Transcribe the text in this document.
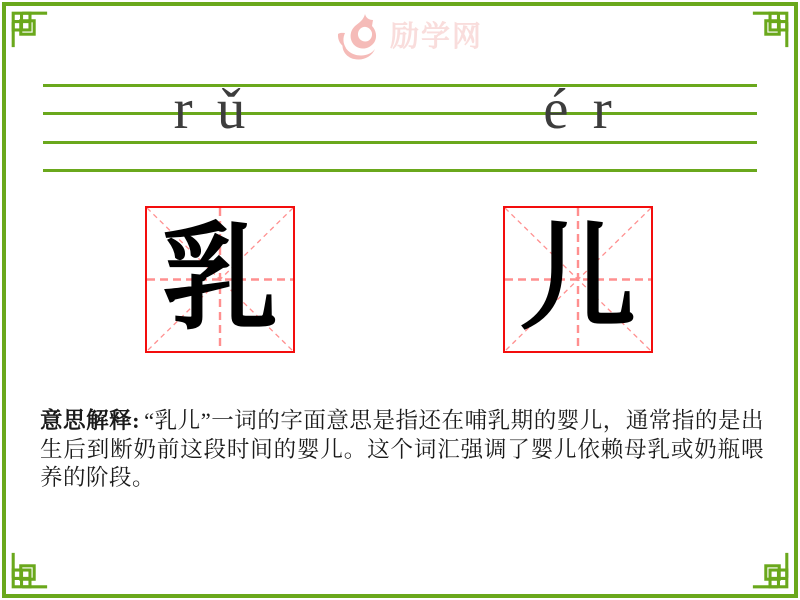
励学网
r ǔ	é r
乳 儿

意思解释: “乳儿”一词的字面意思是指还在哺乳期的婴儿，通常指的是出生后到断奶前这段时间的婴儿。这个词汇强调了婴儿依赖母乳或奶瓶喂养的阶段。
